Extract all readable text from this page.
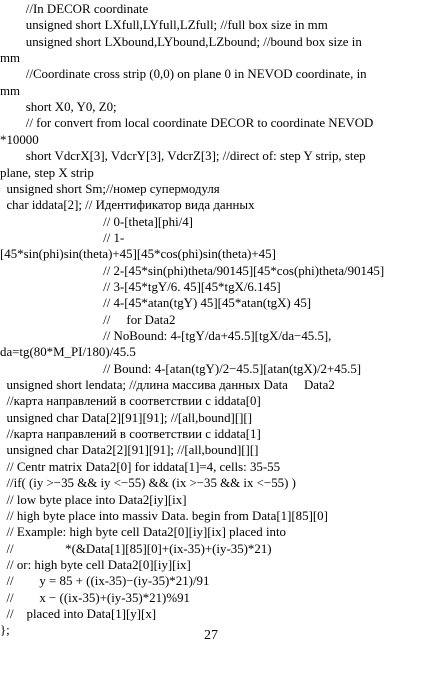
//In DECOR coordinate
unsigned short LXfull,LYfull,LZfull; //full box size in mm
unsigned short LXbound,LYbound,LZbound; //bound box size in
mm
//Coordinate cross strip (0,0) on plane 0 in NEVOD coordinate, in
mm
short X0, Y0, Z0;
// for convert from local coordinate DECOR to coordinate NEVOD
*10000
short VdcrX[3], VdcrY[3], VdcrZ[3]; //direct of: step Y strip, step
plane, step X strip
unsigned short Sm;//номер супермодуля
char iddata[2]; // Идентификатор вида данных
// 0-[theta][phi/4]
// 1-
[45*sin(phi)sin(theta)+45][45*cos(phi)sin(theta)+45]
// 2-[45*sin(phi)theta/90145][45*cos(phi)theta/90145]
// 3-[45*tgY/6. 45][45*tgX/6.145]
// 4-[45*atan(tgY) 45][45*atan(tgX) 45]
//     for Data2
// NoBound: 4-[tgY/da+45.5][tgX/da−45.5],
da=tg(80*M_PI/180)/45.5
// Bound: 4-[atan(tgY)/2−45.5][atan(tgX)/2+45.5]
unsigned short lendata; //длина массива данных Data     Data2
//карта направлений в соответствии с iddata[0]
unsigned char Data[2][91][91]; //[all,bound][][]
//карта направлений в соответствии с iddata[1]
unsigned char Data2[2][91][91]; //[all,bound][][]
// Centr matrix Data2[0] for iddata[1]=4, cells: 35-55
//if( (iy >−35 && iy <−55) && (ix >−35 && ix <−55) )
// low byte place into Data2[iy][ix]
// high byte place into massiv Data. begin from Data[1][85][0]
// Example: high byte cell Data2[0][iy][ix] placed into
//                *(&Data[1][85][0]+(ix-35)+(iy-35)*21)
// or: high byte cell Data2[0][iy][ix]
//        y = 85 + ((ix-35)−(iy-35)*21)/91
//        x − ((ix-35)+(iy-35)*21)%91
//    placed into Data[1][y][x]
};	27
